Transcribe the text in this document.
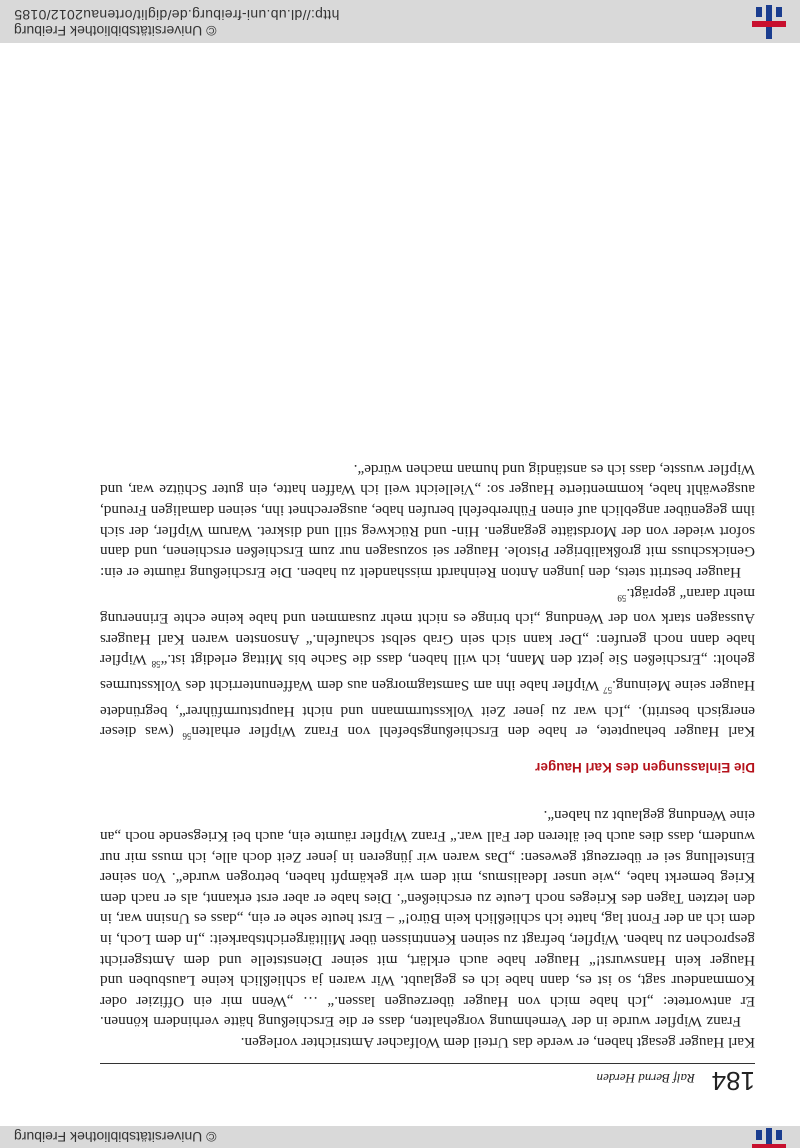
© Universitätsbibliothek Freiburg
184
Ralf Bernd Herden

Karl Hauger gesagt haben, er werde das Urteil dem Wolfacher Amtsrichter vorlegen.

Franz Wipfler wurde in der Vernehmung vorgehalten, dass er die Erschießung hätte verhindern können. Er antwortete: „Ich habe mich von Hauger überzeugen lassen.“ … „Wenn mir ein Offizier oder Kommandeur sagt, so ist es, dann habe ich es geglaubt. Wir waren ja schließlich keine Lausbuben und Hauger kein Hanswurst!“ Hauger habe auch erklärt, mit seiner Dienststelle und dem Amtsgericht gesprochen zu haben. Wipfler, befragt zu seinen Kenntnissen über Militärgerichtsbarkeit: „In dem Loch, in dem ich an der Front lag, hatte ich schließlich kein Büro!“ – Erst heute sehe er ein, „dass es Unsinn war, in den letzten Tagen des Krieges noch Leute zu erschießen“. Dies habe er aber erst erkannt, als er nach dem Krieg bemerkt habe, „wie unser Idealismus, mit dem wir gekämpft haben, betrogen wurde“. Von seiner Einstellung sei er überzeugt gewesen: „Das waren wir jüngeren in jener Zeit doch alle, ich muss mir nur wundern, dass dies auch bei älteren der Fall war.“ Franz Wipfler räumte ein, auch bei Kriegsende noch „an eine Wendung geglaubt zu haben“.

Die Einlassungen des Karl Hauger

Karl Hauger behauptete, er habe den Erschießungsbefehl von Franz Wipfler erhalten$^{56}$ (was dieser energisch bestritt). „Ich war zu jener Zeit Volkssturmmann und nicht Hauptsturmführer“, begründete Hauger seine Meinung.$^{57}$ Wipfler habe ihn am Samstagmorgen aus dem Waffenunterricht des Volkssturmes geholt: „Erschießen Sie jetzt den Mann, ich will haben, dass die Sache bis Mittag erledigt ist.“$^{58}$ Wipfler habe dann noch gerufen: „Der kann sich sein Grab selbst schaufeln.“ Ansonsten waren Karl Haugers Aussagen stark von der Wendung „ich bringe es nicht mehr zusammen und habe keine echte Erinnerung mehr daran“ geprägt.$^{59}$

Hauger bestritt stets, den jungen Anton Reinhardt misshandelt zu haben. Die Erschießung räumte er ein: Genickschuss mit großkalibriger Pistole. Hauger sei sozusagen nur zum Erschießen erschienen, und dann sofort wieder von der Mordstätte gegangen. Hin- und Rückweg still und diskret. Warum Wipfler, der sich ihm gegenüber angeblich auf einen Führerbefehl berufen habe, ausgerechnet ihn, seinen damaligen Freund, ausgewählt habe, kommentierte Hauger so: „Vielleicht weil ich Waffen hatte, ein guter Schütze war, und Wipfler wusste, dass ich es anständig und human machen würde“.

© Universitätsbibliothek Freiburg
http://dl.ub.uni-freiburg.de/diglit/ortenau2012/0185
